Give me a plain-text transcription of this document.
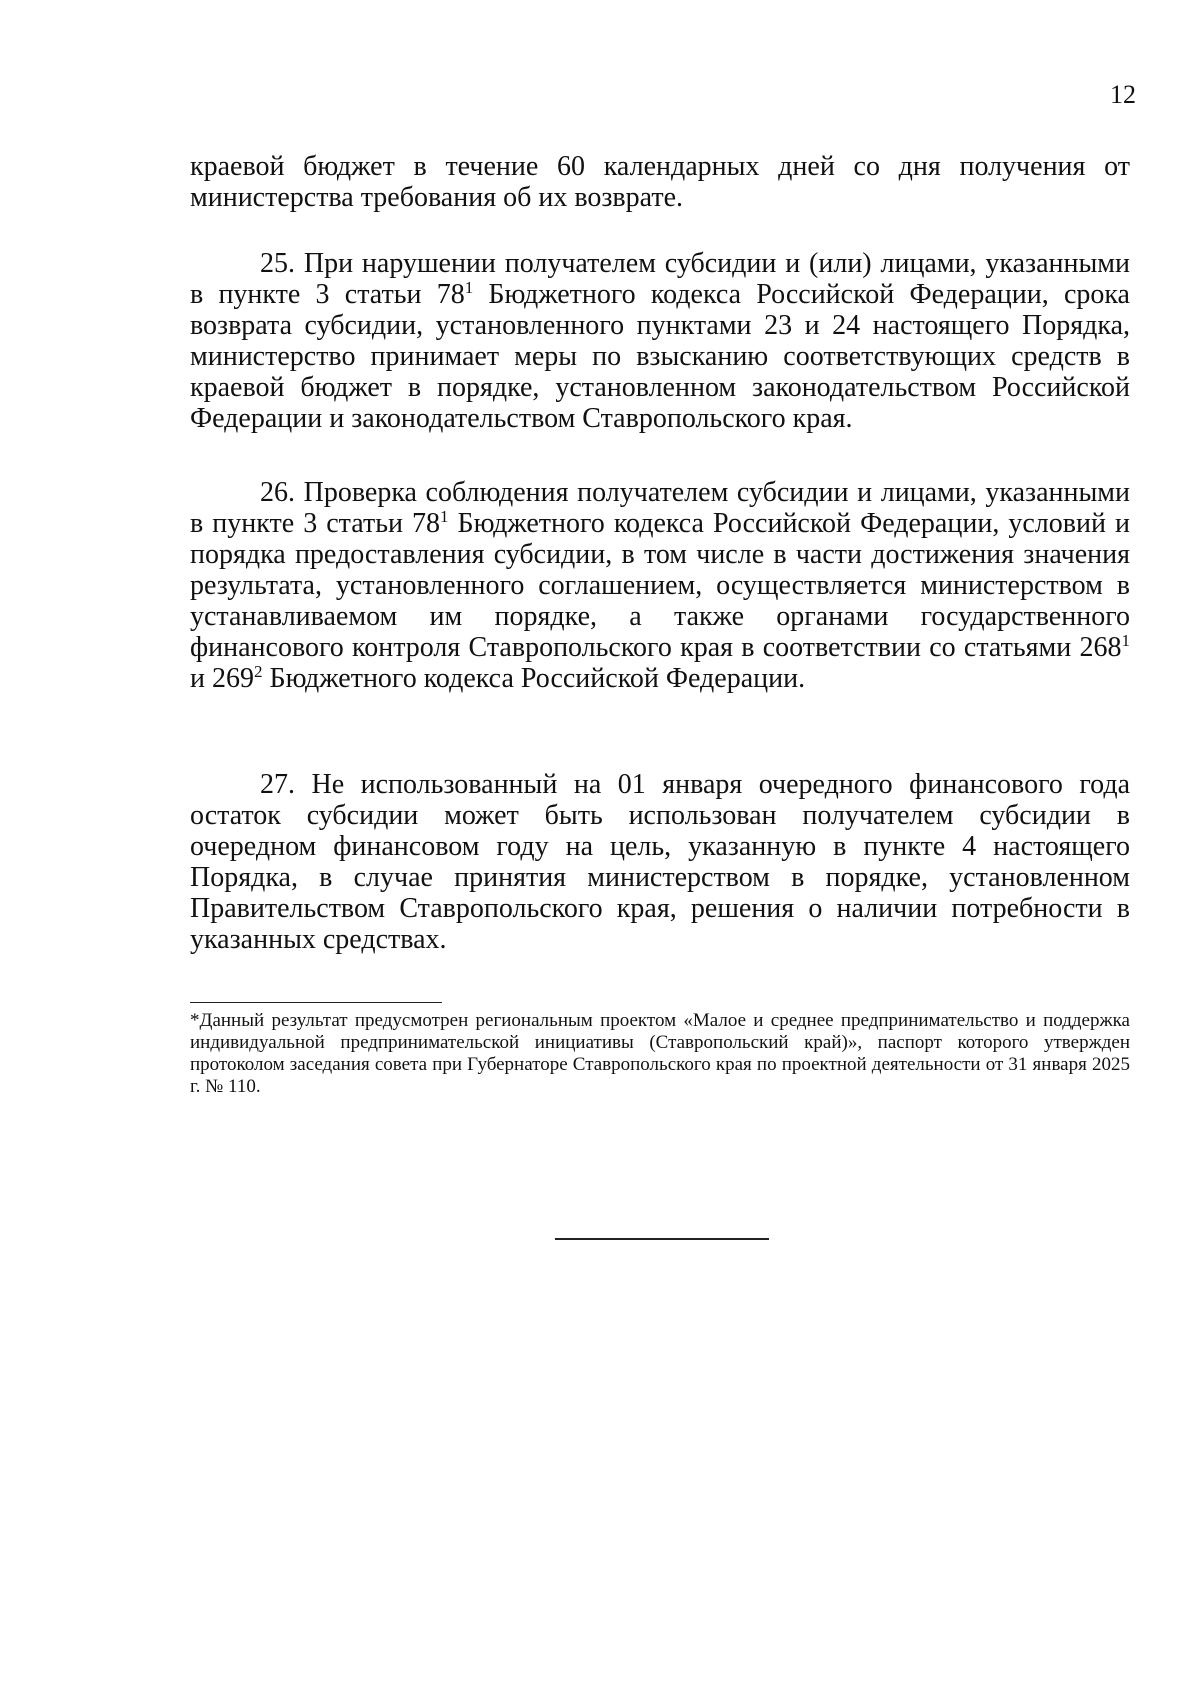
12

краевой бюджет в течение 60 календарных дней со дня получения от министерства требования об их возврате.

25. При нарушении получателем субсидии и (или) лицами, указанными в пункте 3 статьи $78^1$ Бюджетного кодекса Российской Федерации, срока возврата субсидии, установленного пунктами 23 и 24 настоящего Порядка, министерство принимает меры по взысканию соответствующих средств в краевой бюджет в порядке, установленном законодательством Российской Федерации и законодательством Ставропольского края.

26. Проверка соблюдения получателем субсидии и лицами, указанными в пункте 3 статьи $78^1$ Бюджетного кодекса Российской Федерации, условий и порядка предоставления субсидии, в том числе в части достижения значения результата, установленного соглашением, осуществляется министерством в устанавливаемом им порядке, а также органами государственного финансового контроля Ставропольского края в соответствии со статьями $268^1$ и $269^2$ Бюджетного кодекса Российской Федерации.

27. Не использованный на 01 января очередного финансового года остаток субсидии может быть использован получателем субсидии в очередном финансовом году на цель, указанную в пункте 4 настоящего Порядка, в случае принятия министерством в порядке, установленном Правительством Ставропольского края, решения о наличии потребности в указанных средствах.

*Данный результат предусмотрен региональным проектом «Малое и среднее предпринимательство и поддержка индивидуальной предпринимательской инициативы (Ставропольский край)», паспорт которого утвержден протоколом заседания совета при Губернаторе Ставропольского края по проектной деятельности от 31 января 2025 г. № 110.
